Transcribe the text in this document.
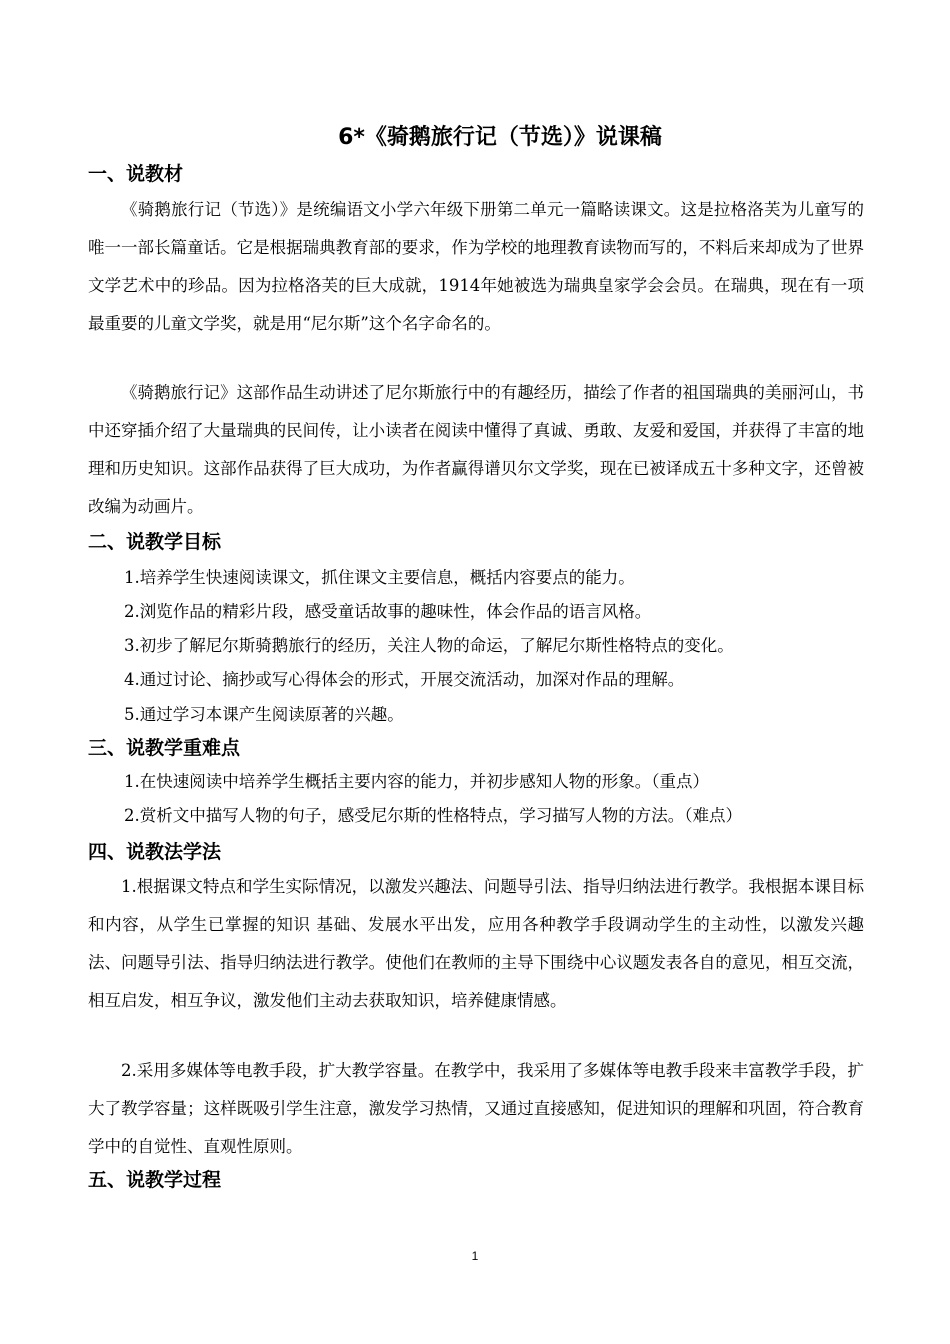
6*《骑鹅旅行记（节选）》说课稿
一、说教材
《骑鹅旅行记（节选）》是统编语文小学六年级下册第二单元一篇略读课文。这是拉格洛芙为儿童写的唯一一部长篇童话。它是根据瑞典教育部的要求，作为学校的地理教育读物而写的，不料后来却成为了世界文学艺术中的珍品。因为拉格洛芙的巨大成就，1914年她被选为瑞典皇家学会会员。在瑞典，现在有一项最重要的儿童文学奖，就是用“尼尔斯”这个名字命名的。
《骑鹅旅行记》这部作品生动讲述了尼尔斯旅行中的有趣经历，描绘了作者的祖国瑞典的美丽河山，书中还穿插介绍了大量瑞典的民间传，让小读者在阅读中懂得了真诚、勇敢、友爱和爱国，并获得了丰富的地理和历史知识。这部作品获得了巨大成功，为作者赢得谱贝尔文学奖，现在已被译成五十多种文字，还曾被改编为动画片。
二、说教学目标
1.培养学生快速阅读课文，抓住课文主要信息，概括内容要点的能力。
2.浏览作品的精彩片段，感受童话故事的趣味性，体会作品的语言风格。
3.初步了解尼尔斯骑鹅旅行的经历，关注人物的命运，了解尼尔斯性格特点的变化。
4.通过讨论、摘抄或写心得体会的形式，开展交流活动，加深对作品的理解。
5.通过学习本课产生阅读原著的兴趣。
三、说教学重难点
1.在快速阅读中培养学生概括主要内容的能力，并初步感知人物的形象。（重点）
2.赏析文中描写人物的句子，感受尼尔斯的性格特点，学习描写人物的方法。（难点）
四、说教法学法
1.根据课文特点和学生实际情况，以激发兴趣法、问题导引法、指导归纳法进行教学。我根据本课目标和内容，从学生已掌握的知识 基础、发展水平出发，应用各种教学手段调动学生的主动性，以激发兴趣法、问题导引法、指导归纳法进行教学。使他们在教师的主导下围绕中心议题发表各自的意见，相互交流，相互启发，相互争议，激发他们主动去获取知识，培养健康情感。
2.采用多媒体等电教手段，扩大教学容量。在教学中，我采用了多媒体等电教手段来丰富教学手段，扩大了教学容量；这样既吸引学生注意，激发学习热情，又通过直接感知，促进知识的理解和巩固，符合教育学中的自觉性、直观性原则。
五、说教学过程
1
